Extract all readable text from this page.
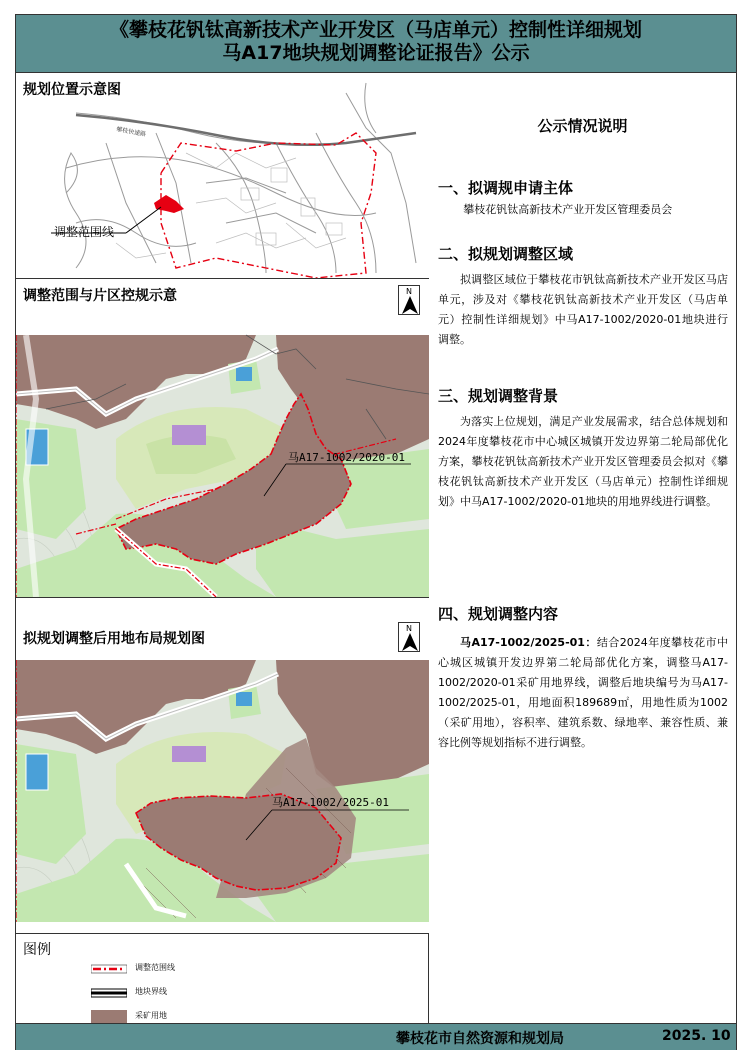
《攀枝花钒钛高新技术产业开发区（马店单元）控制性详细规划
马A17地块规划调整论证报告》公示
规划位置示意图
攀枝快速路
调整范围线
调整范围与片区控规示意	N
马A17-1002/2020-01
拟规划调整后用地布局规划图
N
马A17-1002/2025-01
图例
调整范围线
地块界线
采矿用地
公示情况说明
一、拟调规申请主体
攀枝花钒钛高新技术产业开发区管理委员会
二、拟规划调整区域
拟调整区域位于攀枝花市钒钛高新技术产业开发区马店单元，涉及对《攀枝花钒钛高新技术产业开发区（马店单元）控制性详细规划》中马A17-1002/2020-01地块进行调整。
三、规划调整背景
为落实上位规划，满足产业发展需求，结合总体规划和2024年度攀枝花市中心城区城镇开发边界第二轮局部优化方案，攀枝花钒钛高新技术产业开发区管理委员会拟对《攀枝花钒钛高新技术产业开发区（马店单元）控制性详细规划》中马A17-1002/2020-01地块的用地界线进行调整。
四、规划调整内容
马A17-1002/2025-01：结合2024年度攀枝花市中心城区城镇开发边界第二轮局部优化方案，调整马A17-1002/2020-01采矿用地界线，调整后地块编号为马A17-1002/2025-01，用地面积189689㎡，用地性质为1002（采矿用地），容积率、建筑系数、绿地率、兼容性质、兼容比例等规划指标不进行调整。
攀枝花市自然资源和规划局	2025. 10
